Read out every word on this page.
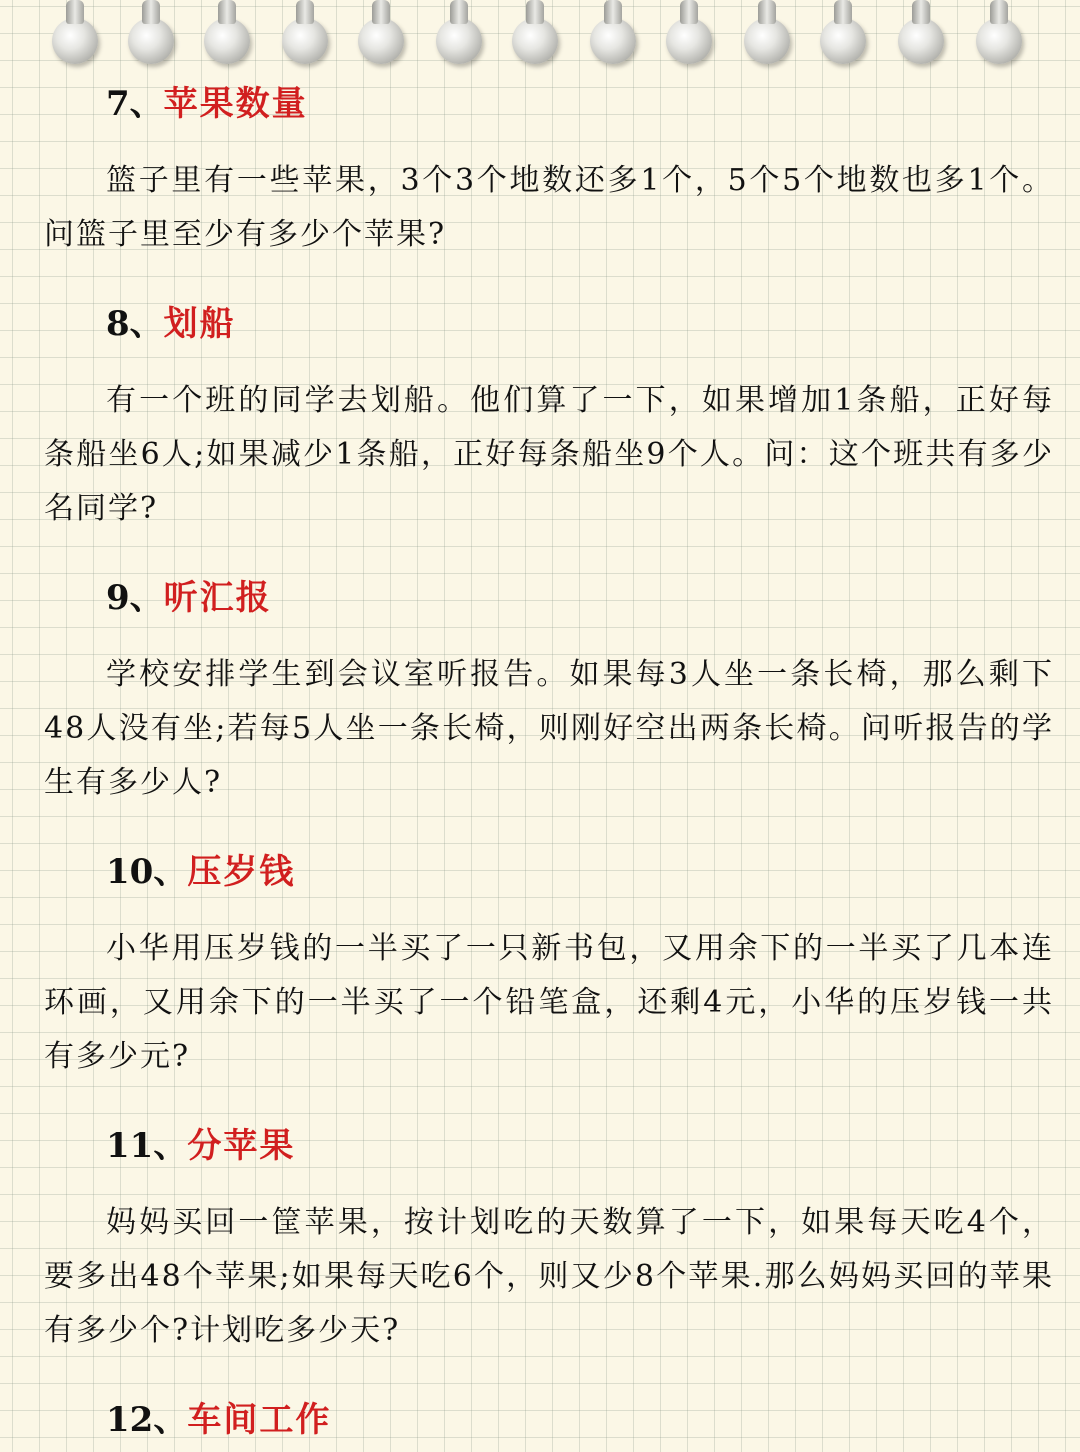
7、苹果数量

篮子里有一些苹果，3个3个地数还多1个，5个5个地数也多1个。问篮子里至少有多少个苹果?

8、划船

有一个班的同学去划船。他们算了一下，如果增加1条船，正好每条船坐6人;如果减少1条船，正好每条船坐9个人。问：这个班共有多少名同学?

9、听汇报

学校安排学生到会议室听报告。如果每3人坐一条长椅，那么剩下48人没有坐;若每5人坐一条长椅，则刚好空出两条长椅。问听报告的学生有多少人?

10、压岁钱

小华用压岁钱的一半买了一只新书包，又用余下的一半买了几本连环画，又用余下的一半买了一个铅笔盒，还剩4元，小华的压岁钱一共有多少元?

11、分苹果

妈妈买回一筐苹果，按计划吃的天数算了一下，如果每天吃4个，要多出48个苹果;如果每天吃6个，则又少8个苹果.那么妈妈买回的苹果有多少个?计划吃多少天?

12、车间工作
